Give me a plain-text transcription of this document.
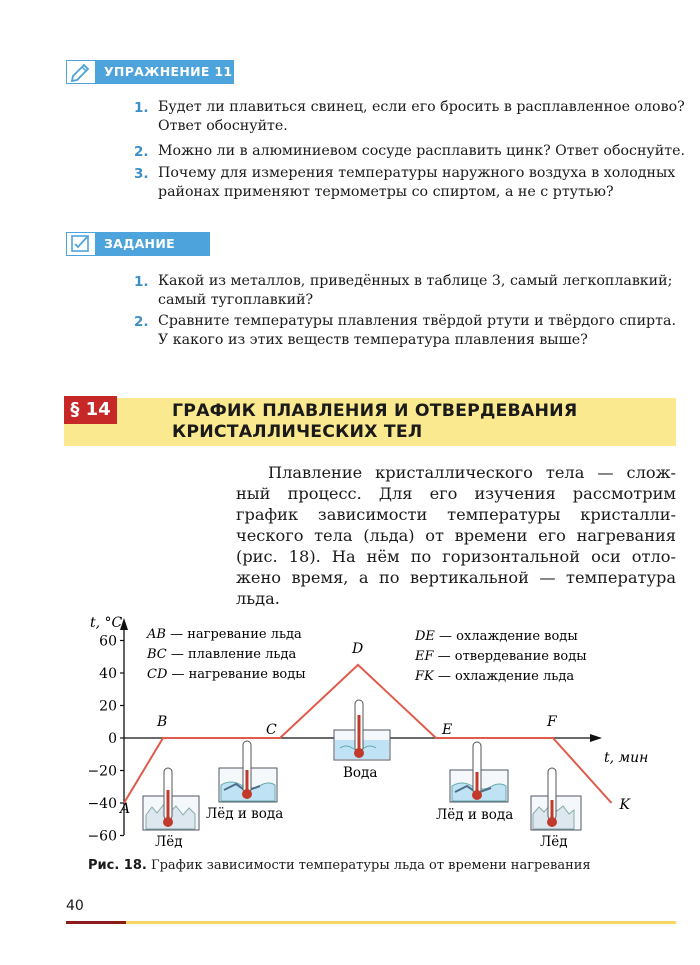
УПРАЖНЕНИЕ 11
1. Будет ли плавиться свинец, если его бросить в расплавленное олово?
Ответ обоснуйте.
2. Можно ли в алюминиевом сосуде расплавить цинк? Ответ обоснуйте.
3. Почему для измерения температуры наружного воздуха в холодных
районах применяют термометры со спиртом, а не с ртутью?
ЗАДАНИЕ
1. Какой из металлов, приведённых в таблице 3, самый легкоплавкий;
самый тугоплавкий?
2. Сравните температуры плавления твёрдой ртути и твёрдого спирта.
У какого из этих веществ температура плавления выше?
§ 14	ГРАФИК ПЛАВЛЕНИЯ И ОТВЕРДЕВАНИЯ
КРИСТАЛЛИЧЕСКИХ ТЕЛ
Плавление кристаллического тела — слож-
ный процесс. Для его изучения рассмотрим
график зависимости температуры кристалли-
ческого тела (льда) от времени его нагревания
(рис. 18). На нём по горизонтальной оси отло-
жено время, а по вертикальной — температура
льда.
60
40
20
0
−20
−40
−60
t, °C
t, мин
AB — нагревание льда
BC — плавление льда
CD — нагревание воды
DE — охлаждение воды
EF — отвердевание воды
FK — охлаждение льда
Лёд
Лёд и вода
Вода
Лёд и вода
Лёд
A
B	C
D
E	F
K
Рис. 18. График зависимости температуры льда от времени нагревания
40
